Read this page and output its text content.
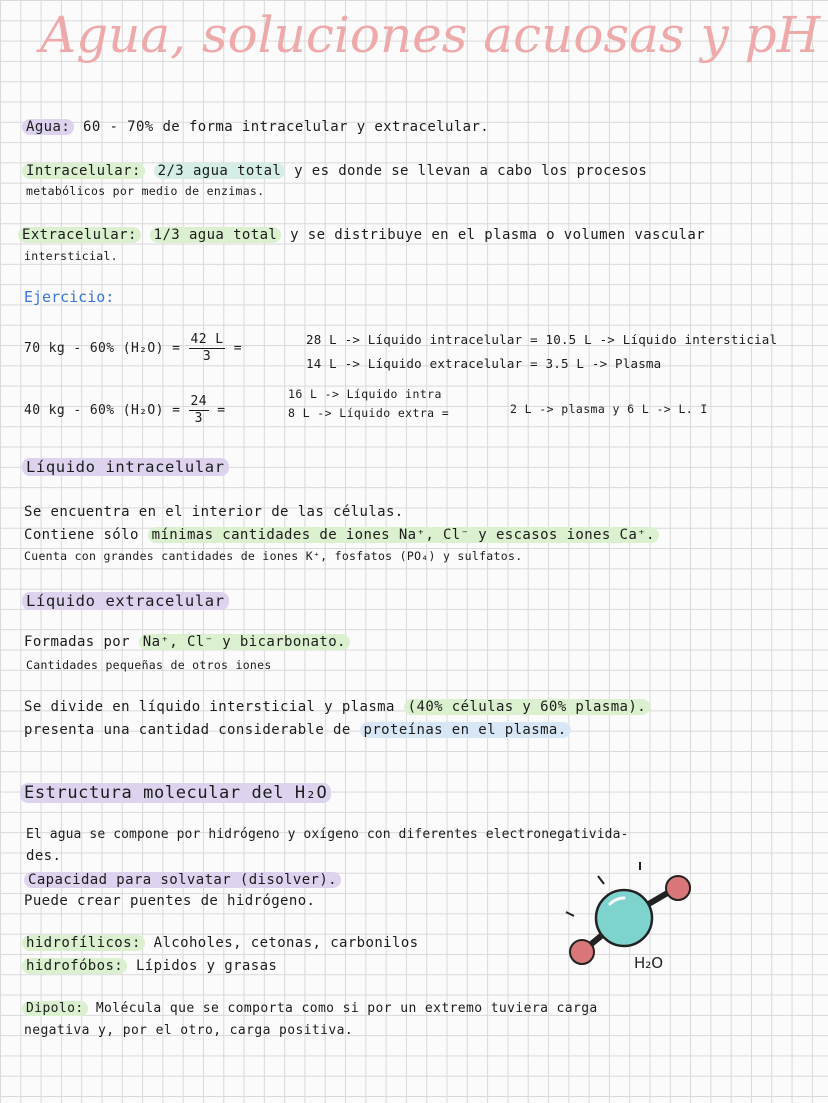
Agua, soluciones acuosas y pH
Agua: 60 - 70% de forma intracelular y extracelular.
Intracelular: 2/3 agua total y es donde se llevan a cabo los procesos
metabólicos por medio de enzimas.
Extracelular: 1/3 agua total y se distribuye en el plasma o volumen vascular
intersticial.
Ejercicio:
70 kg - 60% $(H_2O) = \frac{42 L}{3}$ =
28 L -> Líquido intracelular = 10.5 L -> Líquido intersticial
14 L -> Líquido extracelular = 3.5 L -> Plasma
40 kg - 60% $(H_2O) = \frac{24}{3}$ =
16 L -> Líquido intra
8 L -> Líquido extra =	2 L -> plasma y 6 L -> L. I
Líquido intracelular
Se encuentra en el interior de las células.
Contiene sólo mínimas cantidades de iones Na⁺, Cl⁻ y escasos iones Ca⁺.
Cuenta con grandes cantidades de iones K⁺, fosfatos (PO₄) y sulfatos.
Líquido extracelular
Formadas por Na⁺, Cl⁻ y bicarbonato.
Cantidades pequeñas de otros iones
Se divide en líquido intersticial y plasma (40% células y 60% plasma).
presenta una cantidad considerable de proteínas en el plasma.
Estructura molecular del H₂O
El agua se compone por hidrógeno y oxígeno con diferentes electronegativida-
des.
Capacidad para solvatar (disolver).
Puede crear puentes de hidrógeno.
hidrofílicos: Alcoholes, cetonas, carbonilos
hidrofóbos: Lípidos y grasas
Dipolo: Molécula que se comporta como si por un extremo tuviera carga
negativa y, por el otro, carga positiva.
H₂O
